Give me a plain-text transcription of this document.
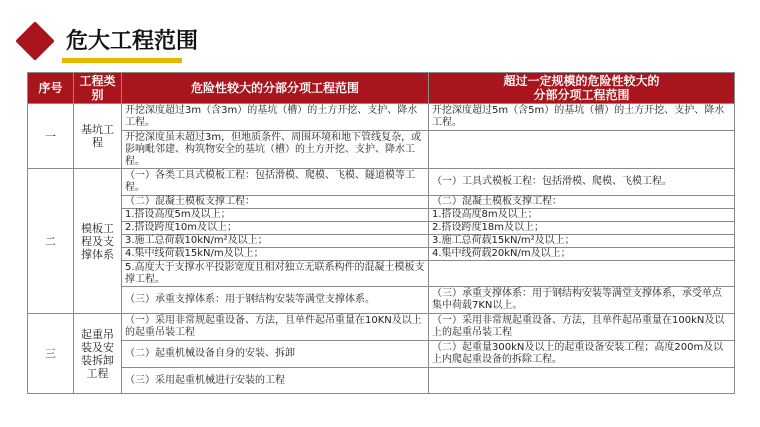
危大工程范围
序号	工程类别	危险性较大的分部分项工程范围	超过一定规模的危险性较大的
分部分项工程范围

一	基坑工程	开挖深度超过3m（含3m）的基坑（槽）的土方开挖、支护、降水工程。	开挖深度超过5m（含5m）的基坑（槽）的土方开挖、支护、降水工程。
		开挖深度虽未超过3m，但地质条件、周围环境和地下管线复杂，或影响毗邻建、构筑物安全的基坑（槽）的土方开挖、支护、降水工程。	
二	模板工程及支撑体系	（一）各类工具式模板工程：包括滑模、爬模、飞模、隧道模等工程。	（一）工具式模板工程：包括滑模、爬模、飞模工程。
		（二）混凝土模板支撑工程：	（二）混凝土模板支撑工程：
		1.搭设高度5m及以上；	1.搭设高度8m及以上；
		2.搭设跨度10m及以上；	2.搭设跨度18m及以上；
		3.施工总荷载10kN/m²及以上；	3.施工总荷载15kN/m²及以上；
		4.集中线荷载15kN/m及以上；	4.集中线荷载20kN/m及以上；
		5.高度大于支撑水平投影宽度且相对独立无联系构件的混凝土模板支撑工程。	
		（三）承重支撑体系：用于钢结构安装等满堂支撑体系。	（三）承重支撑体系：用于钢结构安装等满堂支撑体系，承受单点集中荷载7KN以上。
三	起重吊装及安装拆卸工程	（一）采用非常规起重设备、方法，且单件起吊重量在10KN及以上的起重吊装工程	（一）采用非常规起重设备、方法，且单件起吊重量在100kN及以上的起重吊装工程
		（二）起重机械设备自身的安装、拆卸	（二）起重量300kN及以上的起重设备安装工程；高度200m及以上内爬起重设备的拆除工程。
		（三）采用起重机械进行安装的工程	
